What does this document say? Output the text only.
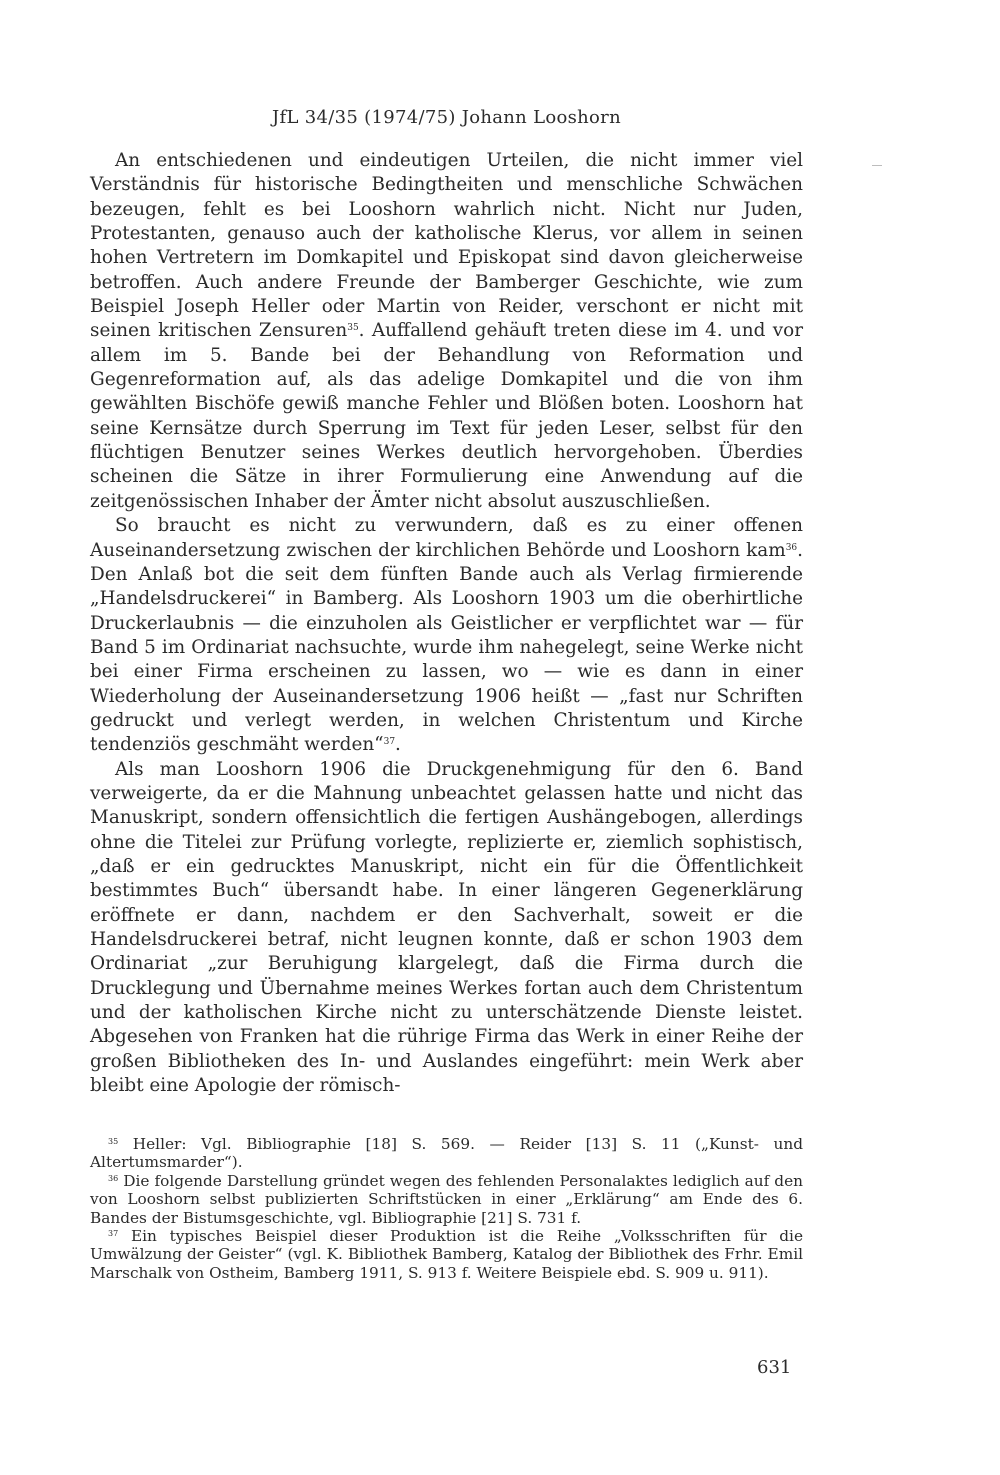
JfL 34/35 (1974/75) Johann Looshorn

An entschiedenen und eindeutigen Urteilen, die nicht immer viel Verständnis für historische Bedingtheiten und menschliche Schwächen bezeugen, fehlt es bei Looshorn wahrlich nicht. Nicht nur Juden, Protestanten, genauso auch der katholische Klerus, vor allem in seinen hohen Vertretern im Domkapitel und Episkopat sind davon gleicherweise betroffen. Auch andere Freunde der Bamberger Geschichte, wie zum Beispiel Joseph Heller oder Martin von Reider, verschont er nicht mit seinen kritischen Zensuren$^{35}$. Auffallend gehäuft treten diese im 4. und vor allem im 5. Bande bei der Behandlung von Reformation und Gegenreformation auf, als das adelige Domkapitel und die von ihm gewählten Bischöfe gewiß manche Fehler und Blößen boten. Looshorn hat seine Kernsätze durch Sperrung im Text für jeden Leser, selbst für den flüchtigen Benutzer seines Werkes deutlich hervorgehoben. Überdies scheinen die Sätze in ihrer Formulierung eine Anwendung auf die zeitgenössischen Inhaber der Ämter nicht absolut auszuschließen.

So braucht es nicht zu verwundern, daß es zu einer offenen Auseinandersetzung zwischen der kirchlichen Behörde und Looshorn kam$^{36}$. Den Anlaß bot die seit dem fünften Bande auch als Verlag firmierende „Handelsdruckerei“ in Bamberg. Als Looshorn 1903 um die oberhirtliche Druckerlaubnis — die einzuholen als Geistlicher er verpflichtet war — für Band 5 im Ordinariat nachsuchte, wurde ihm nahegelegt, seine Werke nicht bei einer Firma erscheinen zu lassen, wo — wie es dann in einer Wiederholung der Auseinandersetzung 1906 heißt — „fast nur Schriften gedruckt und verlegt werden, in welchen Christentum und Kirche tendenziös geschmäht werden“$^{37}$.

Als man Looshorn 1906 die Druckgenehmigung für den 6. Band verweigerte, da er die Mahnung unbeachtet gelassen hatte und nicht das Manuskript, sondern offensichtlich die fertigen Aushängebogen, allerdings ohne die Titelei zur Prüfung vorlegte, replizierte er, ziemlich sophistisch, „daß er ein gedrucktes Manuskript, nicht ein für die Öffentlichkeit bestimmtes Buch“ übersandt habe. In einer längeren Gegenerklärung eröffnete er dann, nachdem er den Sachverhalt, soweit er die Handelsdruckerei betraf, nicht leugnen konnte, daß er schon 1903 dem Ordinariat „zur Beruhigung klargelegt, daß die Firma durch die Drucklegung und Übernahme meines Werkes fortan auch dem Christentum und der katholischen Kirche nicht zu unterschätzende Dienste leistet. Abgesehen von Franken hat die rührige Firma das Werk in einer Reihe der großen Bibliotheken des In- und Auslandes eingeführt: mein Werk aber bleibt eine Apologie der römisch-

$^{35}$ Heller: Vgl. Bibliographie [18] S. 569. — Reider [13] S. 11 („Kunst- und Altertumsmarder“).

$^{36}$ Die folgende Darstellung gründet wegen des fehlenden Personalaktes lediglich auf den von Looshorn selbst publizierten Schriftstücken in einer „Erklärung“ am Ende des 6. Bandes der Bistumsgeschichte, vgl. Bibliographie [21] S. 731 f.

$^{37}$ Ein typisches Beispiel dieser Produktion ist die Reihe „Volksschriften für die Umwälzung der Geister“ (vgl. K. Bibliothek Bamberg, Katalog der Bibliothek des Frhr. Emil Marschalk von Ostheim, Bamberg 1911, S. 913 f. Weitere Beispiele ebd. S. 909 u. 911).

631
